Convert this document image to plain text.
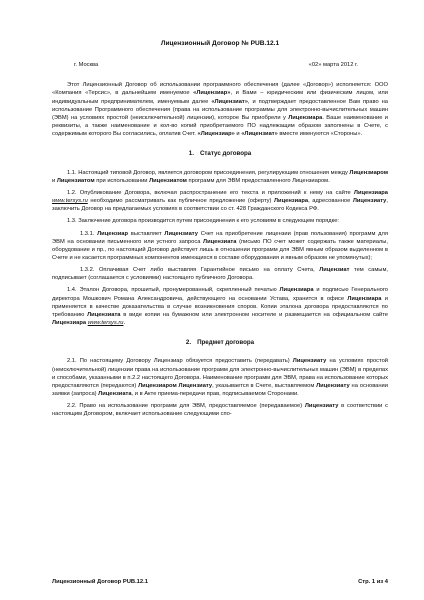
Лицензионный Договор № PUB.12.1
г. Москва	«02» марта 2012 г.

Этот Лицензионный Договор об использовании программного обеспечения (далее «Договор») исполняется: ООО «Компания «Терсис», в дальнейшем именуемое «Лицензиар», и Вами – юридическим или физическим лицом, или индивидуальным предпринимателем, именуемым далее «Лицензиат», и подтверждает предоставленное Вам право на использование Программного обеспечения (права на использование программы для электронно-вычислительных машин (ЭВМ) на условиях простой (неисключительной) лицензии), которое Вы приобрели у Лицензиара. Ваше наименование и реквизиты, а также наименование и кол-во копий приобретаемого ПО надлежащим образом заполнены в Счете, с содержимым которого Вы согласились, оплатив Счет. «Лицензиар» и «Лицензиат» вместе именуются «Стороны».

1. Статус договора

1.1. Настоящий типовой Договор, является договором присоединения, регулирующим отношения между Лицензиаром и Лицензиатом при использовании Лицензиатом программ для ЭВМ предоставленного Лицензиаром.

1.2. Опубликование Договора, включая распространение его текста и приложений к нему на сайте Лицензиара www.tersys.ru необходимо рассматривать как публичное предложение (оферту) Лицензиара, адресованное Лицензиату, заключить Договор на предлагаемых условиях в соответствии со ст. 428 Гражданского Кодекса РФ.

1.3. Заключение договора производится путем присоединения к его условиям в следующем порядке:

1.3.1. Лицензиар выставляет Лицензиату Счет на приобретение лицензии (прав пользования) программ для ЭВМ на основании письменного или устного запроса Лицензиата (письмо ПО счет может содержать также материалы, оборудование и пр., по настоящий Договор действует лишь в отношении программ для ЭВМ явным образом выделенном в Счете и не касается программных компонентов имеющихся в составе оборудования и явным образом не упомянутых);

1.3.2. Оплачивая Счет либо выставляя Гарантийное письмо на оплату Счета, Лицензиат тем самым, подписывает (соглашается с условиями) настоящего публичного Договора.

1.4. Эталон Договора, прошитый, пронумерованный, скрепленный печатью Лицензиара и подписью Генерального директора Мошкович Романа Александровича, действующего на основании Устава, хранится в офисе Лицензиара и применяется в качестве доказательства в случае возникновения споров. Копии эталона договора предоставляются по требованию Лицензиата в виде копии на бумажном или электронном носителе и размещается на официальном сайте Лицензиара www.tersys.ru.

2. Предмет договора

2.1. По настоящему Договору Лицензиар обязуется предоставить (передавать) Лицензиату на условиях простой (неисключительной) лицензии права на использование программ для электронно-вычислительных машин (ЭВМ) в пределах и способами, указанными в п.2.2 настоящего Договора. Наименование программ для ЭВМ, права на использование которых предоставляются (передаются) Лицензиаром Лицензиату, указывается в Счете, выставляемом Лицензиату на основании заявки (запроса) Лицензиата, и в Акте приема-передачи прав, подписываемом Сторонами.

2.2. Право на использование программ для ЭВМ, предоставляемое (передаваемое) Лицензиату в соответствии с настоящим Договором, включает использование следующими спо-

Лицензионный Договор PUB.12.1	Стр. 1 из 4
